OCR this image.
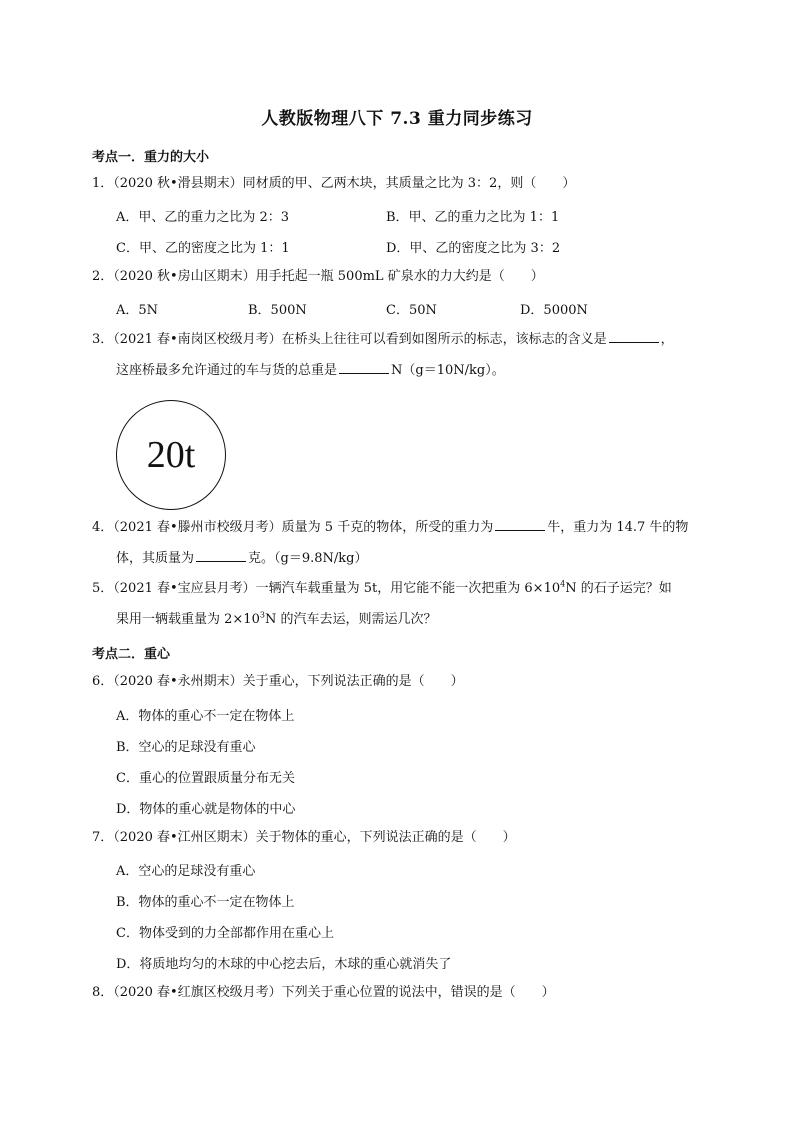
人教版物理八下 7.3 重力同步练习
考点一．重力的大小
1．（2020 秋•滑县期末）同材质的甲、乙两木块，其质量之比为 3：2，则（　　）
A．甲、乙的重力之比为 2：3	B．甲、乙的重力之比为 1：1
C．甲、乙的密度之比为 1：1	D．甲、乙的密度之比为 3：2
2．（2020 秋•房山区期末）用手托起一瓶 500mL 矿泉水的力大约是（　　）
A．5N	B．500N	C．50N	D．5000N
3．（2021 春•南岗区校级月考）在桥头上往往可以看到如图所示的标志，该标志的含义是	，
这座桥最多允许通过的车与货的总重是	N（g＝10N/kg）。
20t
4．（2021 春•滕州市校级月考）质量为 5 千克的物体，所受的重力为	牛，重力为 14.7 牛的物
体，其质量为	克。（g＝9.8N/kg）
5．（2021 春•宝应县月考）一辆汽车载重量为 5t，用它能不能一次把重为 $6\times 10^4N$ 的石子运完？如
果用一辆载重量为 $2\times 10^3N$ 的汽车去运，则需运几次？
考点二．重心
6．（2020 春•永州期末）关于重心，下列说法正确的是（　　）
A．物体的重心不一定在物体上
B．空心的足球没有重心
C．重心的位置跟质量分布无关
D．物体的重心就是物体的中心
7．（2020 春•江州区期末）关于物体的重心，下列说法正确的是（　　）
A．空心的足球没有重心
B．物体的重心不一定在物体上
C．物体受到的力全部都作用在重心上
D．将质地均匀的木球的中心挖去后，木球的重心就消失了
8．（2020 春•红旗区校级月考）下列关于重心位置的说法中，错误的是（　　）
